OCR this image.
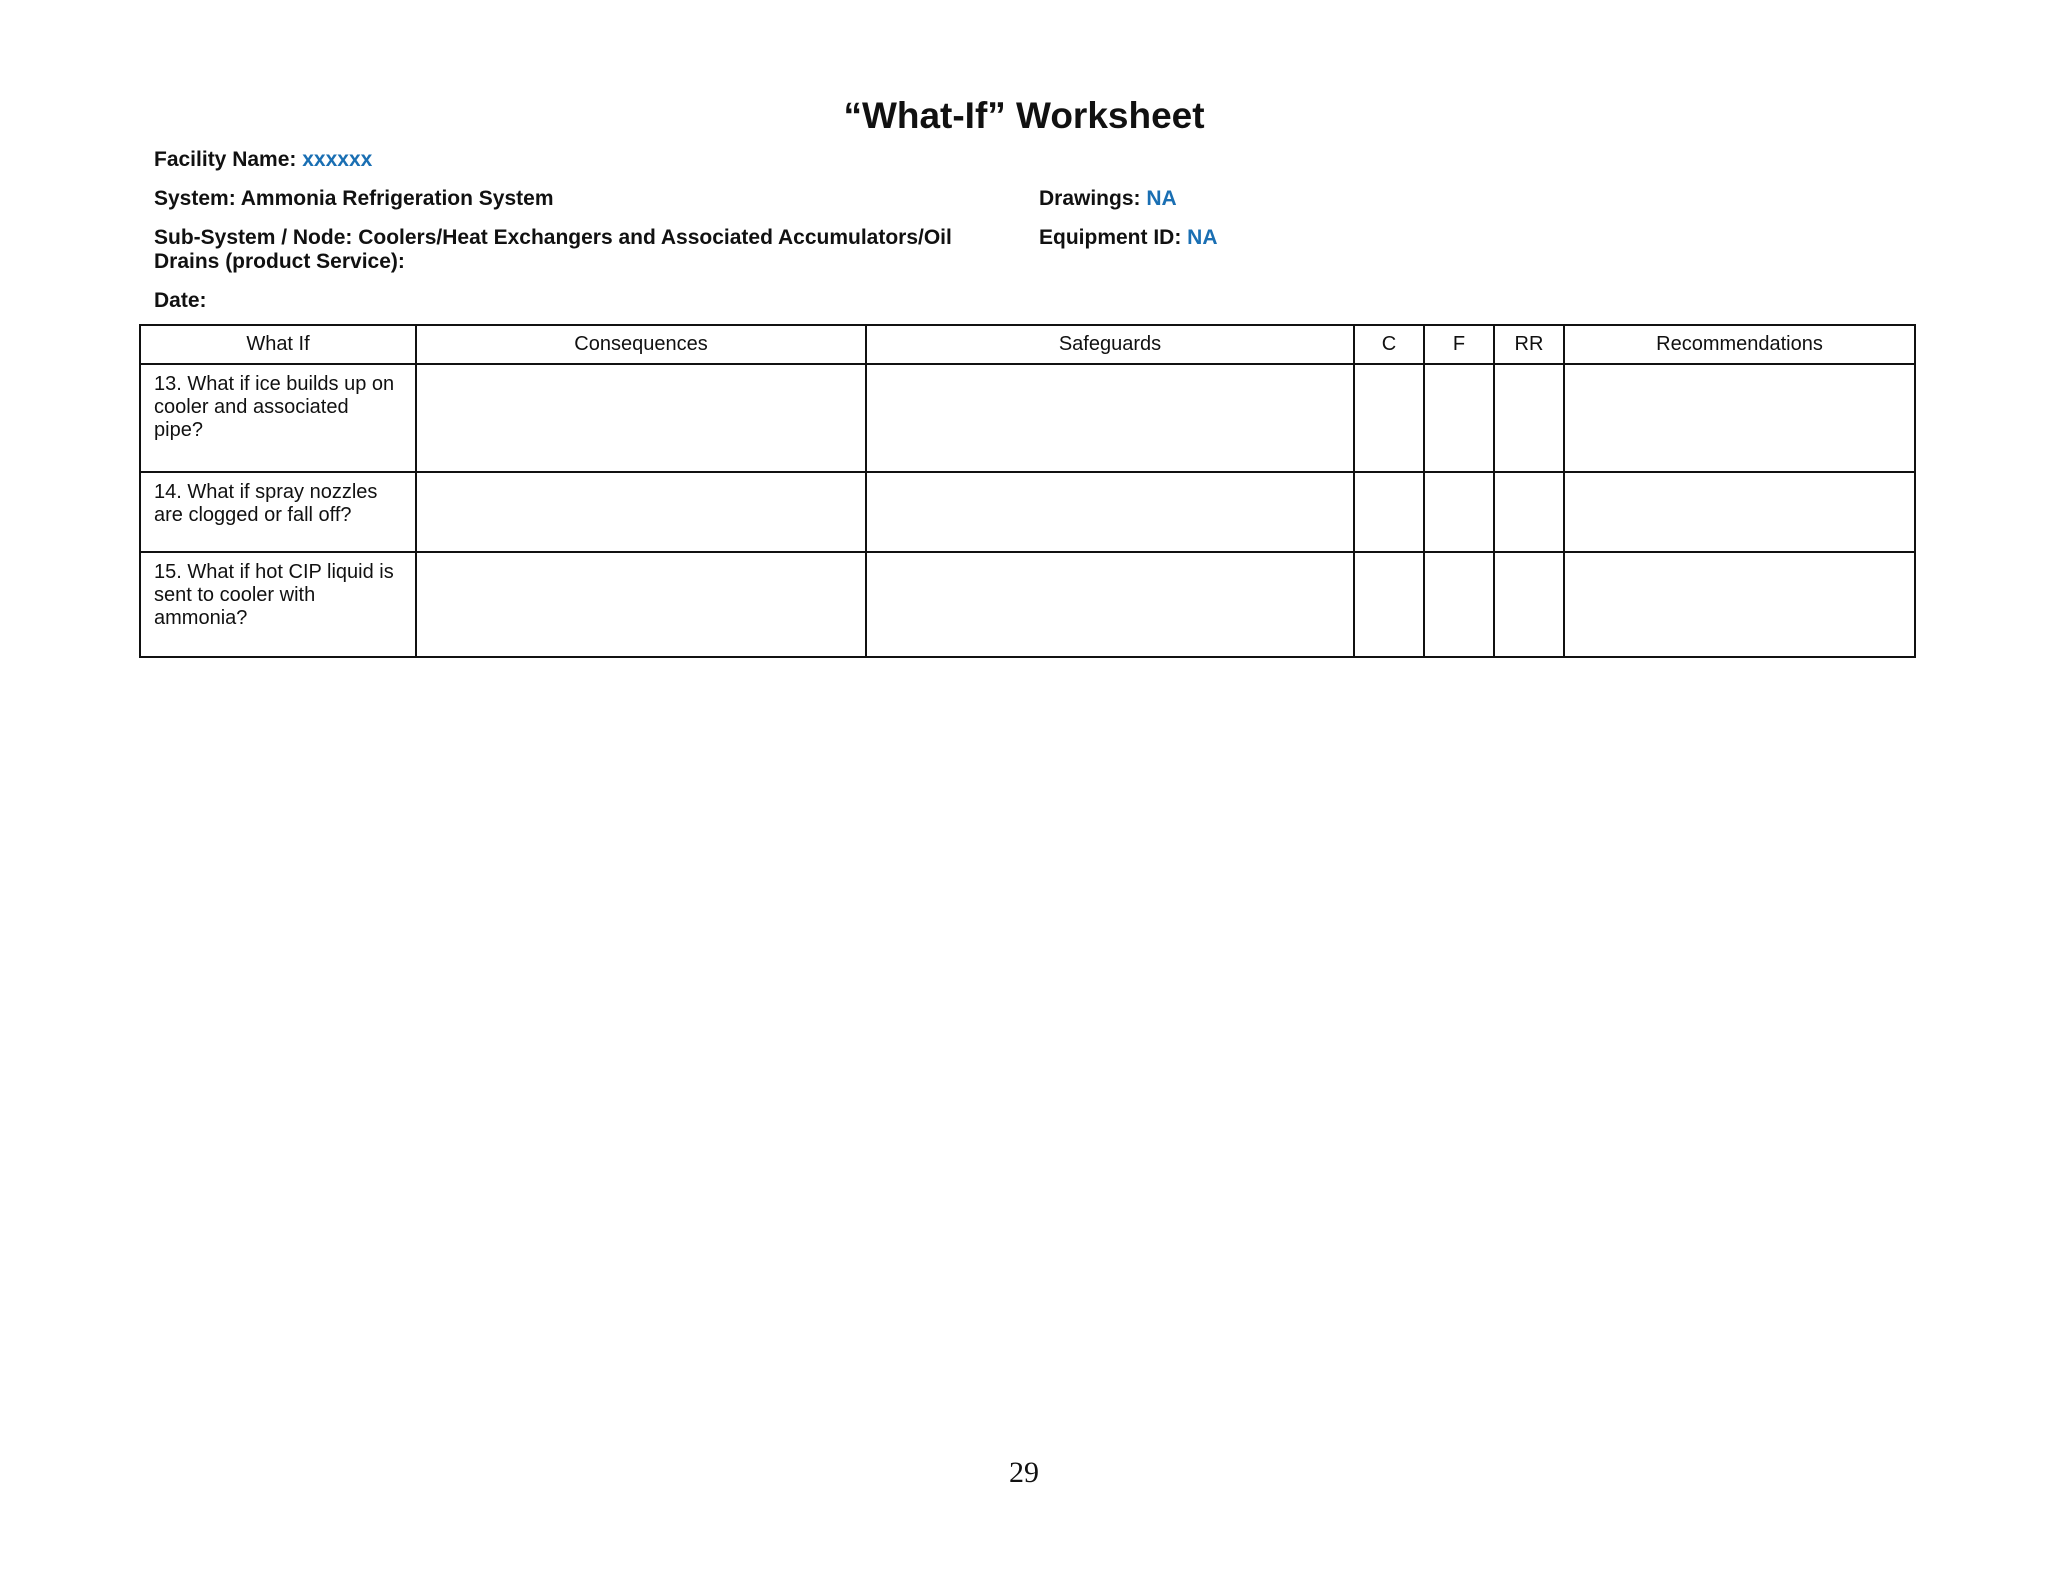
“What-If” Worksheet
Facility Name: xxxxxx
System: Ammonia Refrigeration System	Drawings: NA
Sub-System / Node: Coolers/Heat Exchangers and Associated Accumulators/Oil Drains (product Service):
Equipment ID: NA
Date:
What If	Consequences	Safeguards	C	F	RR	Recommendations
13. What if ice builds up on cooler and associated pipe?						
14. What if spray nozzles are clogged or fall off?						
15. What if hot CIP liquid is sent to cooler with ammonia?						
29
